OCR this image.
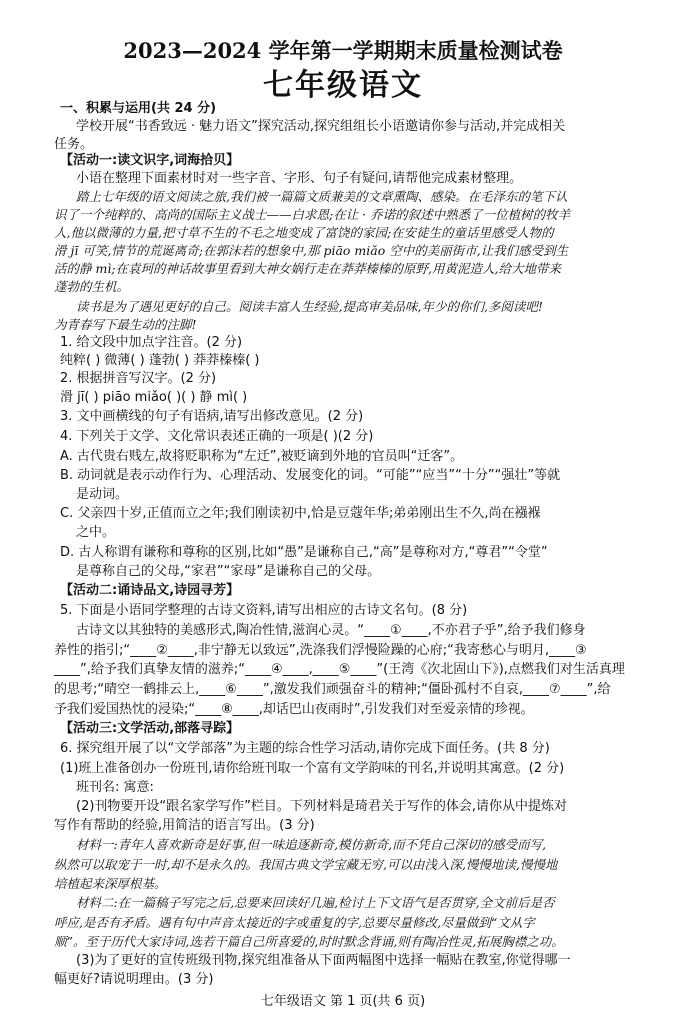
2023—2024 学年第一学期期末质量检测试卷
七年级语文
一、积累与运用(共 24 分)
学校开展“书香致远 · 魅力语文”探究活动,探究组组长小语邀请你参与活动,并完成相关
任务。
【活动一:读文识字,词海拾贝】
小语在整理下面素材时对一些字音、字形、句子有疑问,请帮他完成素材整理。
踏上七年级的语文阅读之旅,我们被一篇篇文质兼美的文章熏陶、感染。在毛泽东的笔下认
识了一个纯粹的、高尚的国际主义战士——白求恩;在让 · 乔诺的叙述中熟悉了一位植树的牧羊
人,他以微薄的力量,把寸草不生的不毛之地变成了富饶的家园;在安徒生的童话里感受人物的
滑 jī 可笑,情节的荒诞离奇;在郭沫若的想象中,那 piāo miǎo 空中的美丽街市,让我们感受到生
活的静 mì;在袁珂的神话故事里看到大神女娲行走在莽莽榛榛的原野,用黄泥造人,给大地带来
蓬勃的生机。
读书是为了遇见更好的自己。阅读丰富人生经验,提高审美品味,年少的你们,多阅读吧!
为青春写下最生动的注脚!
1. 给文段中加点字注音。(2 分)
纯粹( ) 微薄( ) 蓬勃( ) 莽莽榛榛( )
2. 根据拼音写汉字。(2 分)
滑 jī( ) piāo miǎo( )( ) 静 mì( )
3. 文中画横线的句子有语病,请写出修改意见。(2 分)
4. 下列关于文学、文化常识表述正确的一项是( )(2 分)
A. 古代贵右贱左,故将贬职称为“左迁”,被贬谪到外地的官员叫“迁客”。
B. 动词就是表示动作行为、心理活动、发展变化的词。“可能”“应当”“十分”“强壮”等就
是动词。
C. 父亲四十岁,正值而立之年;我们刚读初中,恰是豆蔻年华;弟弟刚出生不久,尚在襁褓
之中。
D. 古人称谓有谦称和尊称的区别,比如“愚”是谦称自己,“高”是尊称对方,“尊君”“令堂”
是尊称自己的父母,“家君”“家母”是谦称自己的父母。
【活动二:诵诗品文,诗园寻芳】
5. 下面是小语同学整理的古诗文资料,请写出相应的古诗文名句。(8 分)
古诗文以其独特的美感形式,陶冶性情,滋润心灵。“____①____,不亦君子乎”,给予我们修身
养性的指引;“____②____,非宁静无以致远”,洗涤我们浮慢险躁的心府;“我寄愁心与明月,____③
____”,给予我们真挚友情的滋养;“____④____,____⑤____”(王湾《次北固山下》),点燃我们对生活真理
的思考;“晴空一鹤排云上,____⑥____”,激发我们顽强奋斗的精神;“僵卧孤村不自哀,____⑦____”,给
予我们爱国热忱的浸染;“____⑧____,却话巴山夜雨时”,引发我们对至爱亲情的珍视。
【活动三:文学活动,部落寻踪】
6. 探究组开展了以“文学部落”为主题的综合性学习活动,请你完成下面任务。(共 8 分)
(1)班上准备创办一份班刊,请你给班刊取一个富有文学韵味的刊名,并说明其寓意。(2 分)
班刊名: 寓意:
(2)刊物要开设“跟名家学写作”栏目。下列材料是琦君关于写作的体会,请你从中提炼对
写作有帮助的经验,用简洁的语言写出。(3 分)
材料一:青年人喜欢新奇是好事,但一味追逐新奇,模仿新奇,而不凭自己深切的感受而写,
纵然可以取宠于一时,却不是永久的。我国古典文学宝藏无穷,可以由浅入深,慢慢地读,慢慢地
培植起来深厚根基。
材料二:在一篇稿子写完之后,总要来回读好几遍,检讨上下文语气是否贯穿,全文前后是否
呼应,是否有矛盾。遇有句中声音太接近的字或重复的字,总要尽量修改,尽量做到“文从字
顺”。至于历代大家诗词,选若干篇自己所喜爱的,时时默念背诵,则有陶冶性灵,拓展胸襟之功。
(3)为了更好的宣传班级刊物,探究组准备从下面两幅图中选择一幅贴在教室,你觉得哪一
幅更好?请说明理由。(3 分)
七年级语文 第 1 页(共 6 页)
